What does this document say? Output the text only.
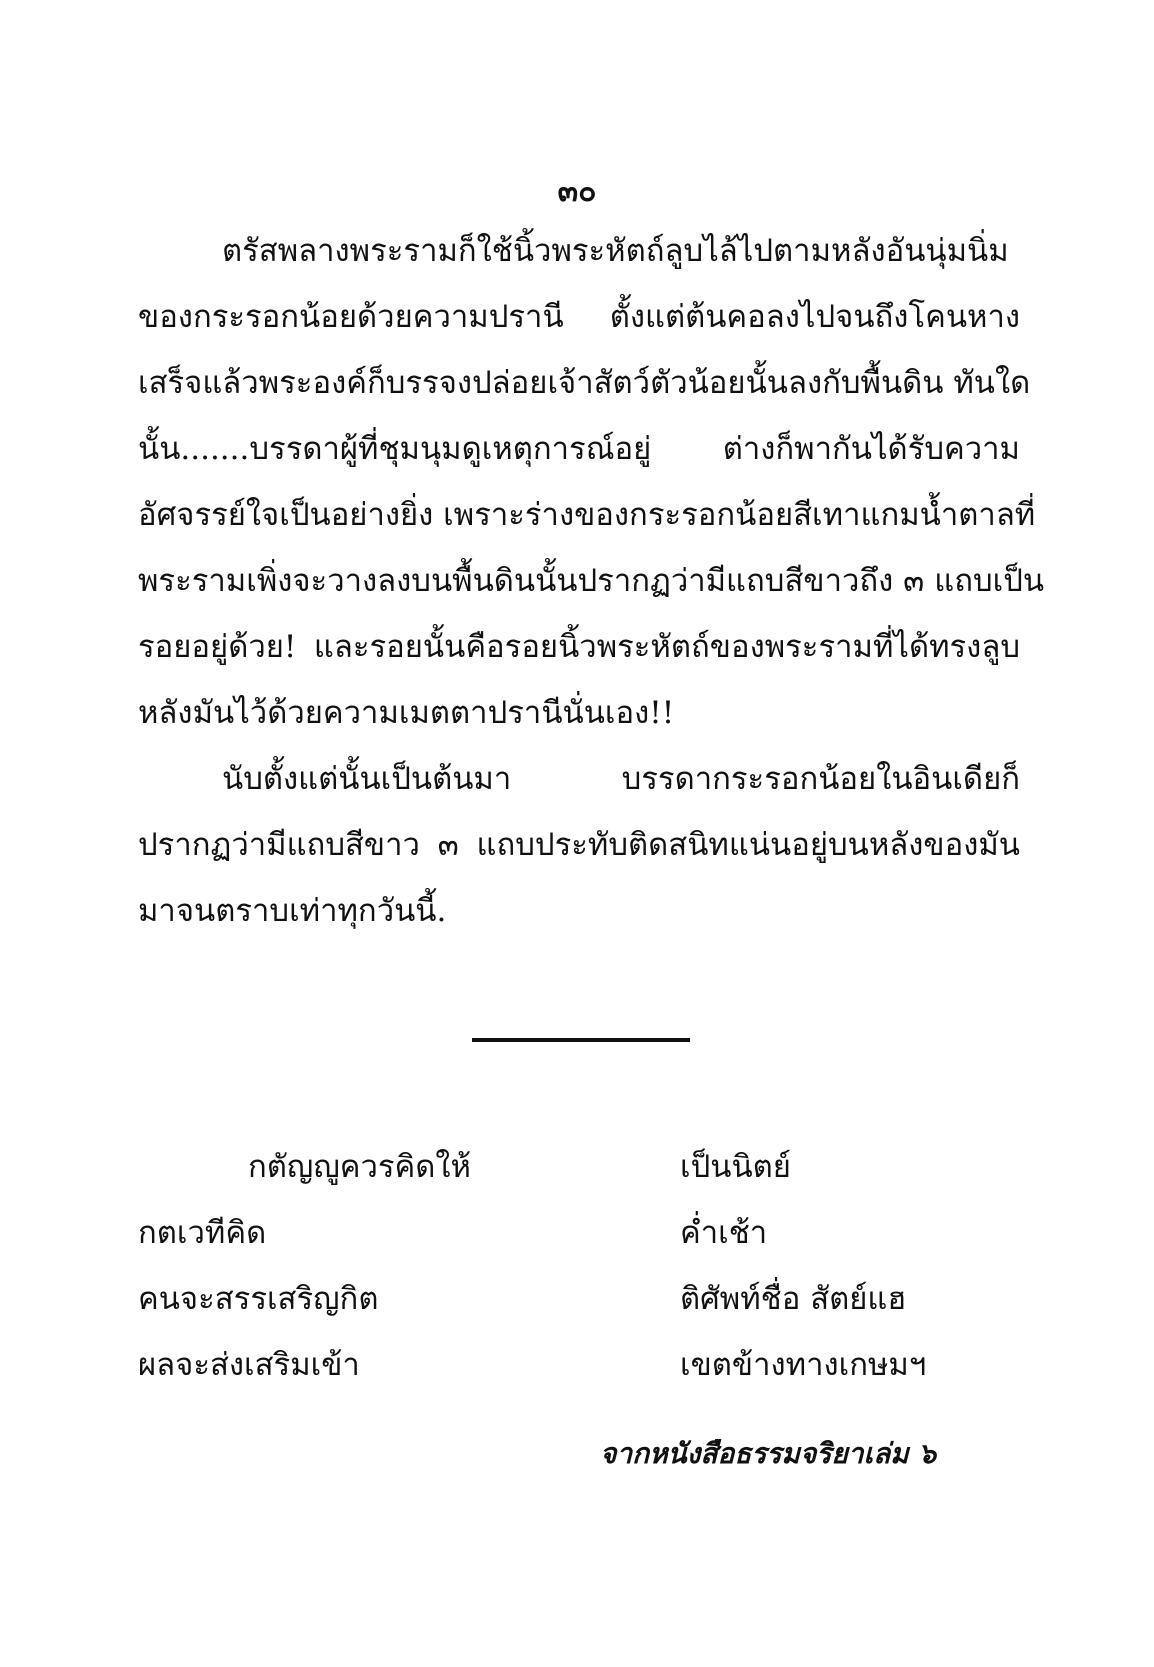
๓๐
ตรัสพลางพระรามก็ใช้นิ้วพระหัตถ์ลูบไล้ไปตามหลังอันนุ่มนิ่ม
ของกระรอกน้อยด้วยความปรานี ตั้งแต่ต้นคอลงไปจนถึงโคนหาง
เสร็จแล้วพระองค์ก็บรรจงปล่อยเจ้าสัตว์ตัวน้อยนั้นลงกับพื้นดิน ทันใด
นั้น.......บรรดาผู้ที่ชุมนุมดูเหตุการณ์อยู่ ต่างก็พากันได้รับความ
อัศจรรย์ใจเป็นอย่างยิ่ง เพราะร่างของกระรอกน้อยสีเทาแกมน้ำตาลที่
พระรามเพิ่งจะวางลงบนพื้นดินนั้นปรากฏว่ามีแถบสีขาวถึง ๓ แถบเป็น
รอยอยู่ด้วย! และรอยนั้นคือรอยนิ้วพระหัตถ์ของพระรามที่ได้ทรงลูบ
หลังมันไว้ด้วยความเมตตาปรานีนั่นเอง!!
นับตั้งแต่นั้นเป็นต้นมา บรรดากระรอกน้อยในอินเดียก็
ปรากฏว่ามีแถบสีขาว ๓ แถบประทับติดสนิทแน่นอยู่บนหลังของมัน
มาจนตราบเท่าทุกวันนี้.
กตัญญูควรคิดให้	เป็นนิตย์
กตเวทีคิด	ค่ำเช้า
คนจะสรรเสริญกิต	ติศัพท์ชื่อ สัตย์แฮ
ผลจะส่งเสริมเข้า	เขตข้างทางเกษมฯ
จากหนังสือธรรมจริยาเล่ม ๖
